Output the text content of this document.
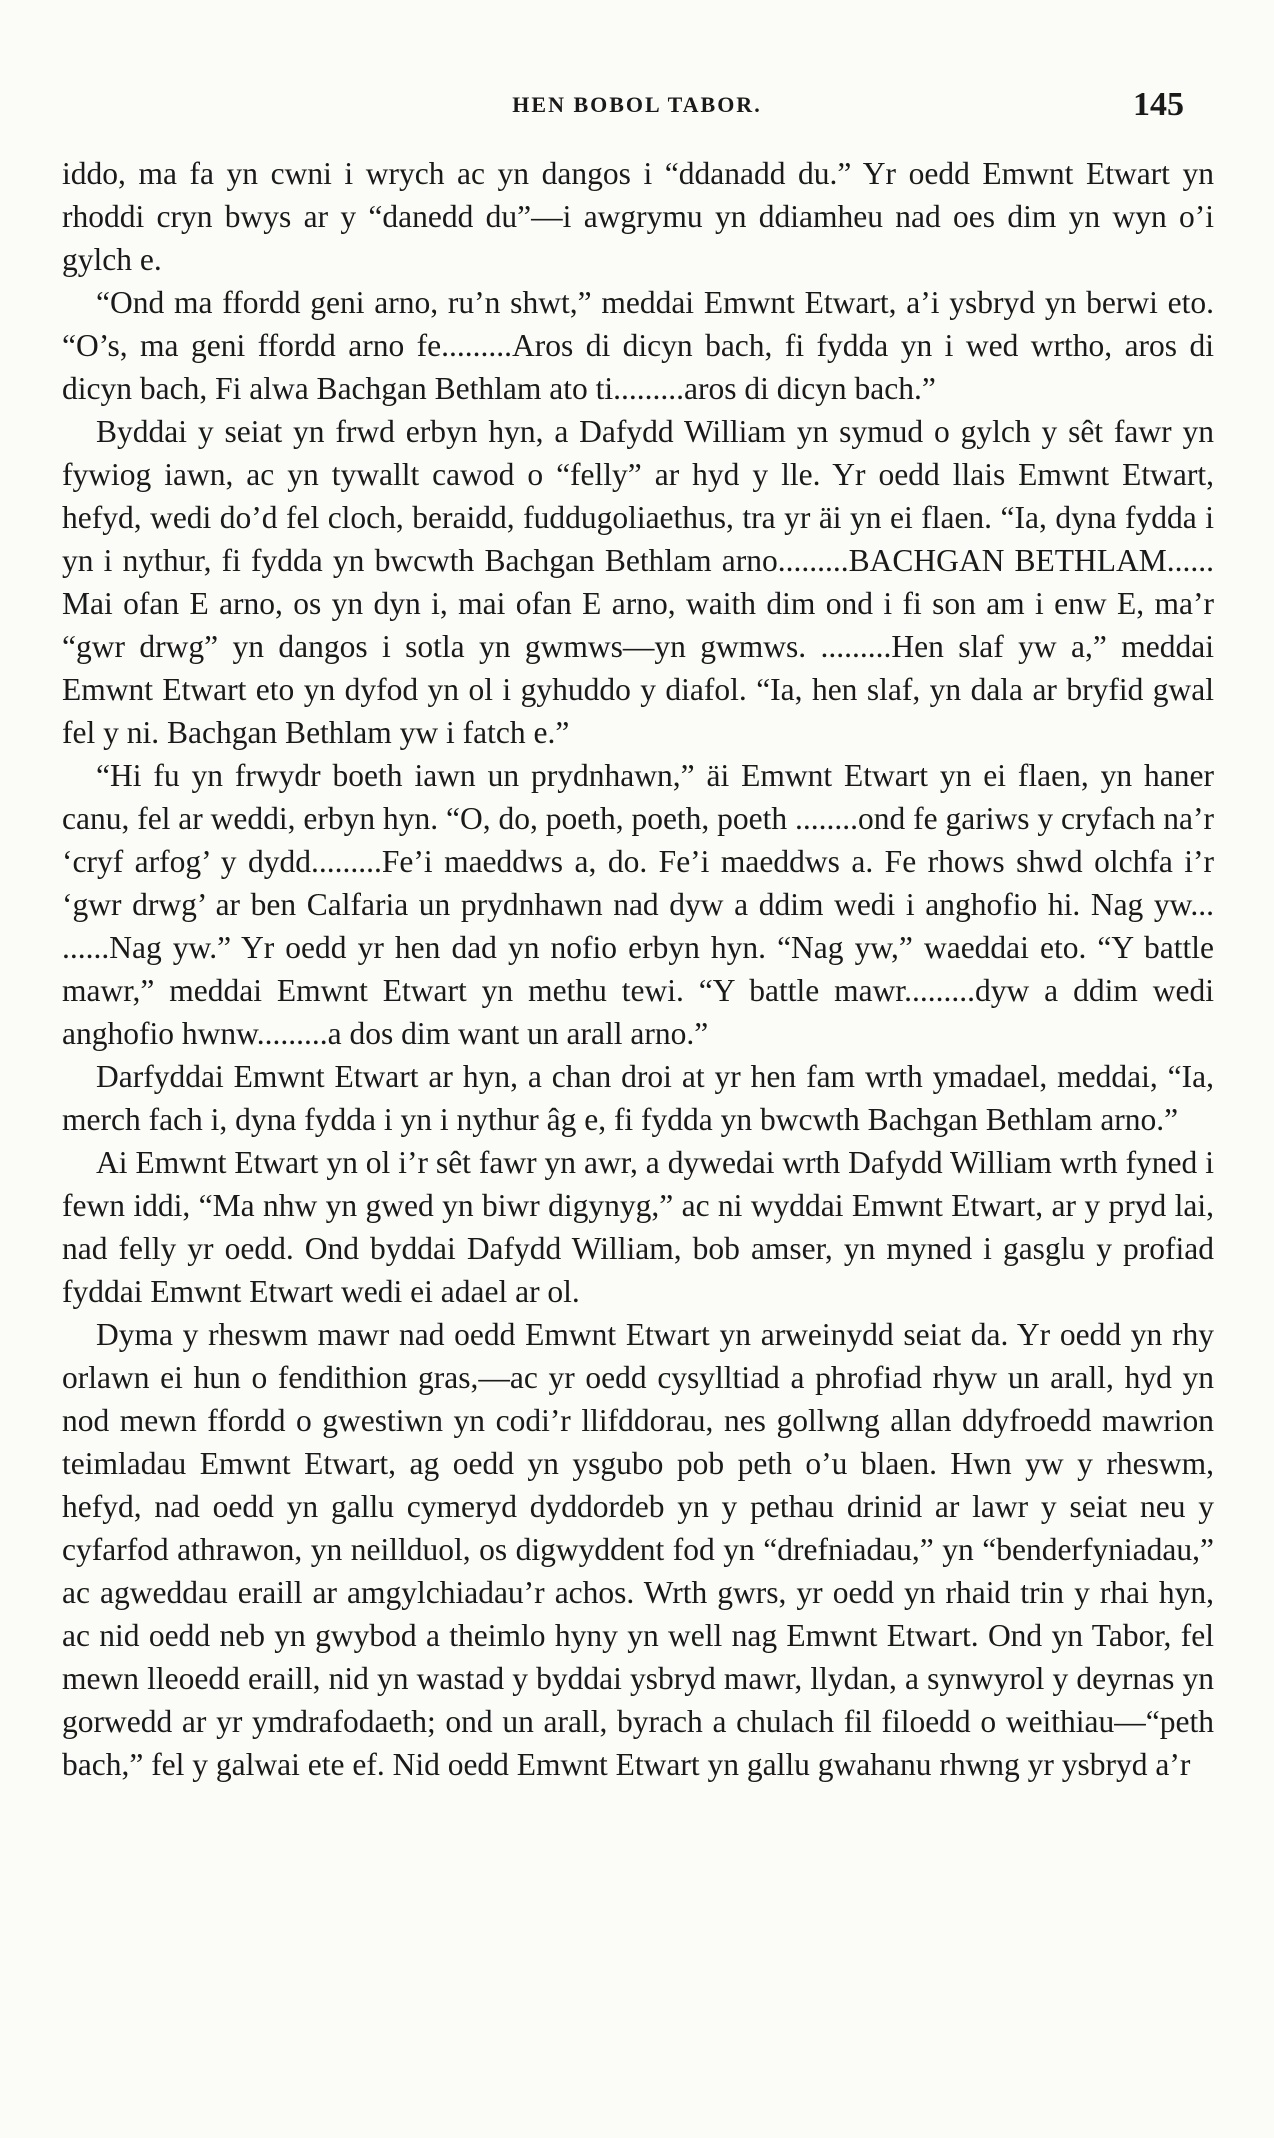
HEN BOBOL TABOR.	145

iddo, ma fa yn cwni i wrych ac yn dangos i “ddanadd du.” Yr oedd Emwnt Etwart yn rhoddi cryn bwys ar y “danedd du”—i awgrymu yn ddiamheu nad oes dim yn wyn o’i gylch e.

“Ond ma ffordd geni arno, ru’n shwt,” meddai Emwnt Etwart, a’i ysbryd yn berwi eto. “O’s, ma geni ffordd arno fe.........Aros di dicyn bach, fi fydda yn i wed wrtho, aros di dicyn bach, Fi alwa Bachgan Bethlam ato ti.........aros di dicyn bach.”

Byddai y seiat yn frwd erbyn hyn, a Dafydd William yn symud o gylch y sêt fawr yn fywiog iawn, ac yn tywallt cawod o “felly” ar hyd y lle. Yr oedd llais Emwnt Etwart, hefyd, wedi do’d fel cloch, beraidd, fuddugoliaethus, tra yr äi yn ei flaen. “Ia, dyna fydda i yn i nythur, fi fydda yn bwcwth Bachgan Bethlam arno.........BACHGAN BETHLAM...... Mai ofan E arno, os yn dyn i, mai ofan E arno, waith dim ond i fi son am i enw E, ma’r “gwr drwg” yn dangos i sotla yn gwmws—yn gwmws. .........Hen slaf yw a,” meddai Emwnt Etwart eto yn dyfod yn ol i gyhuddo y diafol. “Ia, hen slaf, yn dala ar bryfid gwal fel y ni. Bachgan Bethlam yw i fatch e.”

“Hi fu yn frwydr boeth iawn un prydnhawn,” äi Emwnt Etwart yn ei flaen, yn haner canu, fel ar weddi, erbyn hyn. “O, do, poeth, poeth, poeth ........ond fe gariws y cryfach na’r ‘cryf arfog’ y dydd.........Fe’i maeddws a, do. Fe’i maeddws a. Fe rhows shwd olchfa i’r ‘gwr drwg’ ar ben Calfaria un prydnhawn nad dyw a ddim wedi i anghofio hi. Nag yw... ......Nag yw.” Yr oedd yr hen dad yn nofio erbyn hyn. “Nag yw,” waeddai eto. “Y battle mawr,” meddai Emwnt Etwart yn methu tewi. “Y battle mawr.........dyw a ddim wedi anghofio hwnw.........a dos dim want un arall arno.”

Darfyddai Emwnt Etwart ar hyn, a chan droi at yr hen fam wrth ymadael, meddai, “Ia, merch fach i, dyna fydda i yn i nythur âg e, fi fydda yn bwcwth Bachgan Bethlam arno.”

Ai Emwnt Etwart yn ol i’r sêt fawr yn awr, a dywedai wrth Dafydd William wrth fyned i fewn iddi, “Ma nhw yn gwed yn biwr digynyg,” ac ni wyddai Emwnt Etwart, ar y pryd lai, nad felly yr oedd. Ond byddai Dafydd William, bob amser, yn myned i gasglu y profiad fyddai Emwnt Etwart wedi ei adael ar ol.

Dyma y rheswm mawr nad oedd Emwnt Etwart yn arweinydd seiat da. Yr oedd yn rhy orlawn ei hun o fendithion gras,—ac yr oedd cysylltiad a phrofiad rhyw un arall, hyd yn nod mewn ffordd o gwestiwn yn codi’r llifddorau, nes gollwng allan ddyfroedd mawrion teimladau Emwnt Etwart, ag oedd yn ysgubo pob peth o’u blaen. Hwn yw y rheswm, hefyd, nad oedd yn gallu cymeryd dyddordeb yn y pethau drinid ar lawr y seiat neu y cyfarfod athrawon, yn neillduol, os digwyddent fod yn “drefniadau,” yn “benderfyniadau,” ac agweddau eraill ar amgylchiadau’r achos. Wrth gwrs, yr oedd yn rhaid trin y rhai hyn, ac nid oedd neb yn gwybod a theimlo hyny yn well nag Emwnt Etwart. Ond yn Tabor, fel mewn lleoedd eraill, nid yn wastad y byddai ysbryd mawr, llydan, a synwyrol y deyrnas yn gorwedd ar yr ymdrafodaeth; ond un arall, byrach a chulach fil filoedd o weithiau—“peth bach,” fel y galwai ete ef. Nid oedd Emwnt Etwart yn gallu gwahanu rhwng yr ysbryd a’r
